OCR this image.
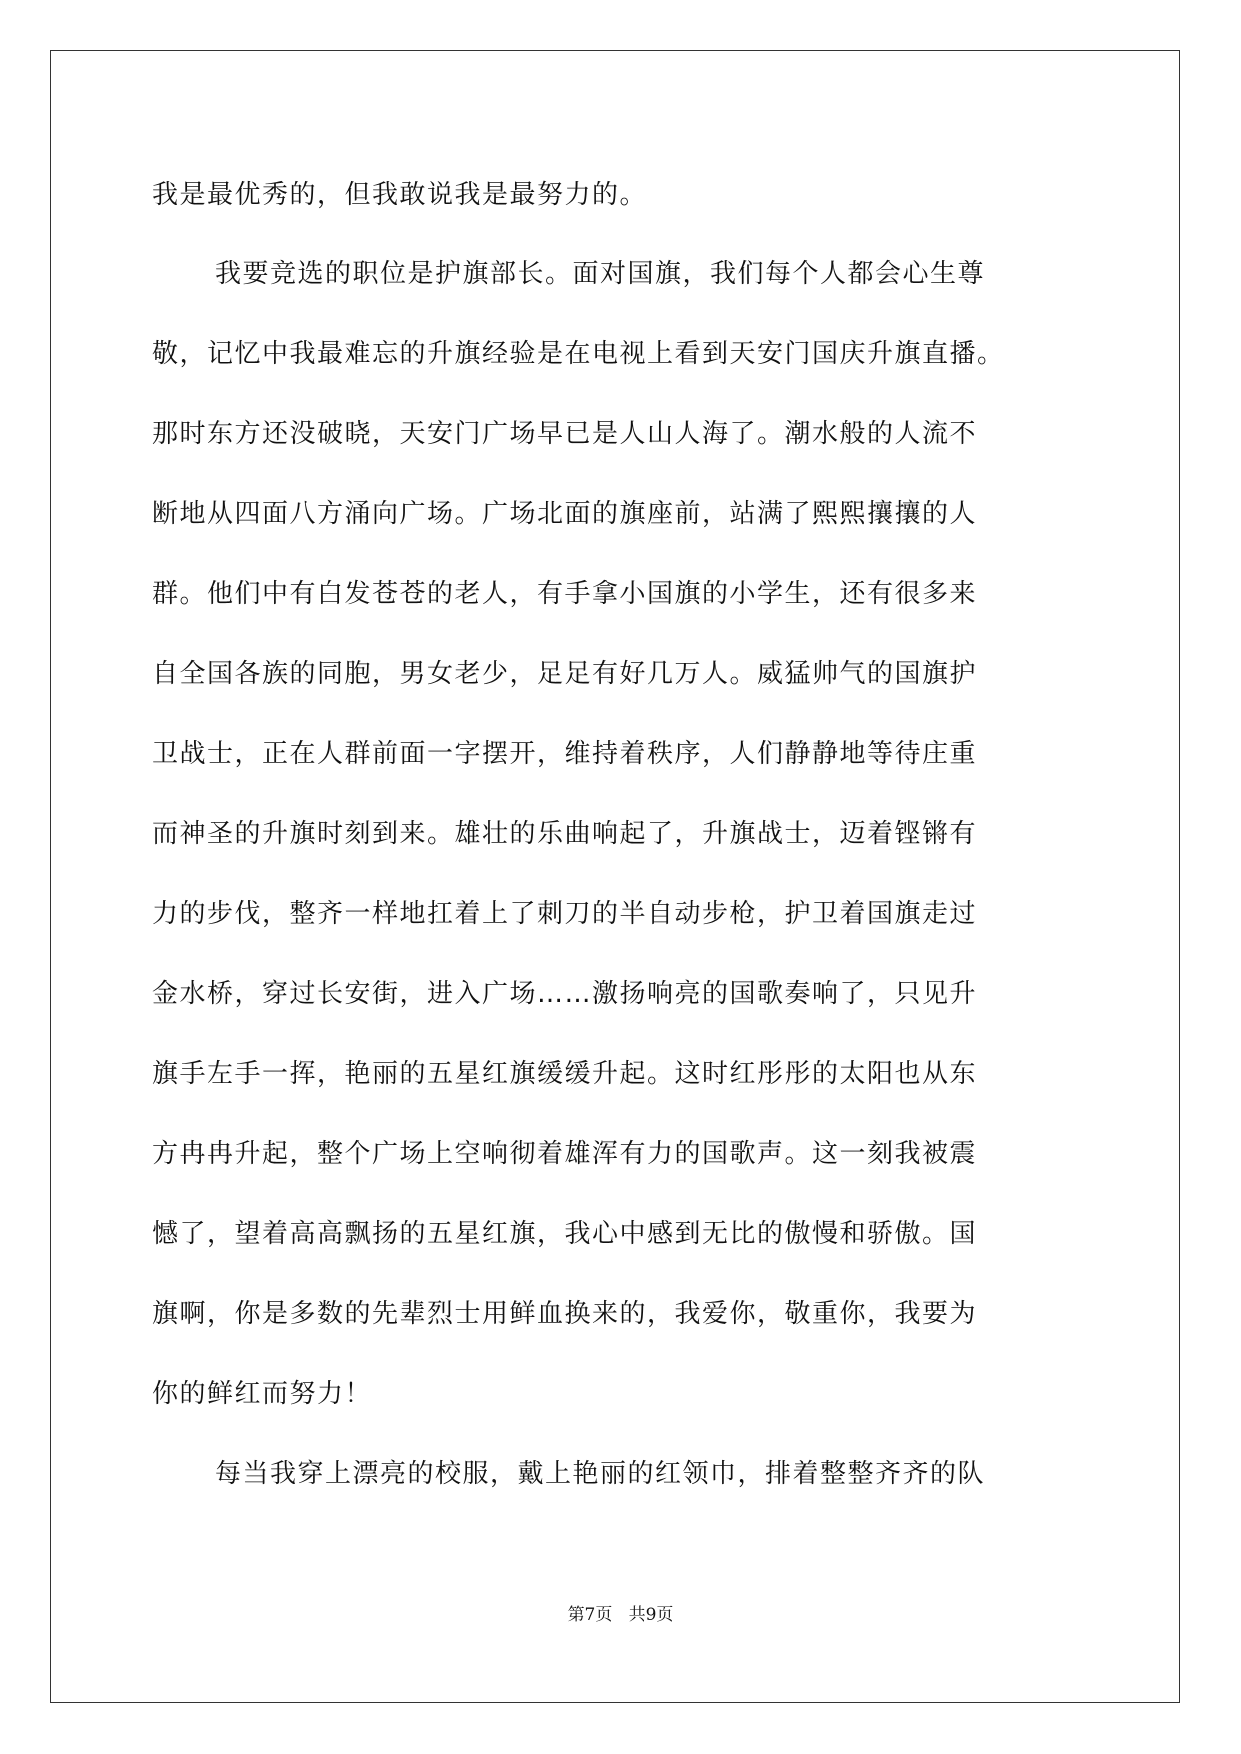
我是最优秀的，但我敢说我是最努力的。
我要竞选的职位是护旗部长。面对国旗，我们每个人都会心生尊
敬，记忆中我最难忘的升旗经验是在电视上看到天安门国庆升旗直播。
那时东方还没破晓，天安门广场早已是人山人海了。潮水般的人流不
断地从四面八方涌向广场。广场北面的旗座前，站满了熙熙攘攘的人
群。他们中有白发苍苍的老人，有手拿小国旗的小学生，还有很多来
自全国各族的同胞，男女老少，足足有好几万人。威猛帅气的国旗护
卫战士，正在人群前面一字摆开，维持着秩序，人们静静地等待庄重
而神圣的升旗时刻到来。雄壮的乐曲响起了，升旗战士，迈着铿锵有
力的步伐，整齐一样地扛着上了刺刀的半自动步枪，护卫着国旗走过
金水桥，穿过长安街，进入广场……激扬响亮的国歌奏响了，只见升
旗手左手一挥，艳丽的五星红旗缓缓升起。这时红彤彤的太阳也从东
方冉冉升起，整个广场上空响彻着雄浑有力的国歌声。这一刻我被震
憾了，望着高高飘扬的五星红旗，我心中感到无比的傲慢和骄傲。国
旗啊，你是多数的先辈烈士用鲜血换来的，我爱你，敬重你，我要为
你的鲜红而努力！
每当我穿上漂亮的校服，戴上艳丽的红领巾，排着整整齐齐的队
第7页 共9页
